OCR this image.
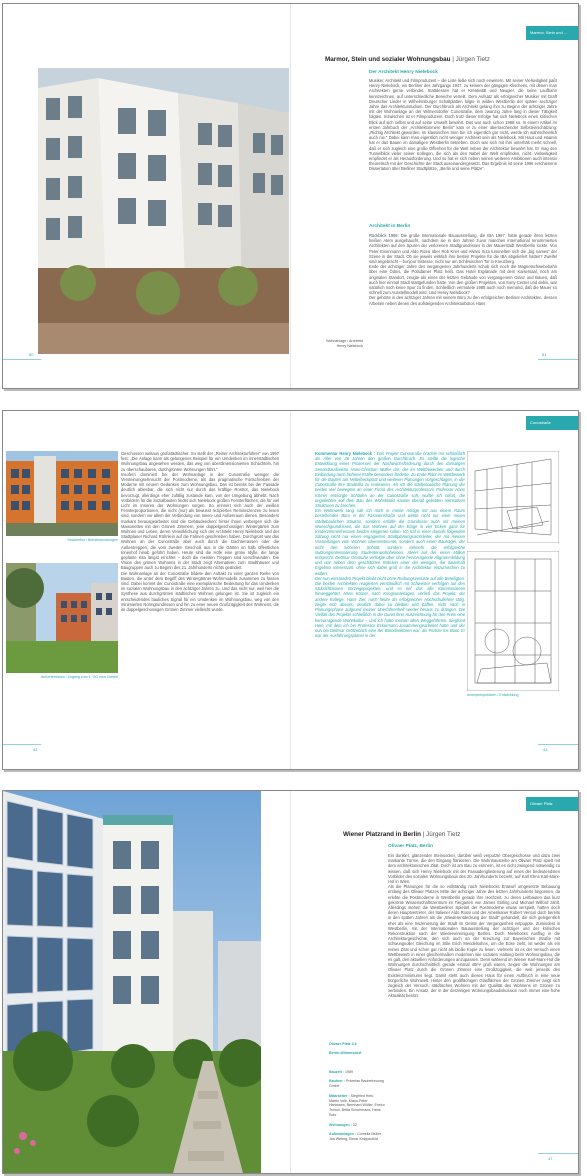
Marmor, Stein und ...
50	51
Wohnanlage / Architekt
Henry Nielebock
Marmor, Stein und sozialer Wohnungsbau | Jürgen Tietz
Der Architekt Henry Nielebock
Musiker, Architekt und Filmproduzent – die Liste ließe sich noch erweitern. Mit seiner Vielseitigkeit paßt Henry Nielebock, ein Berliner des Jahrgangs 1947, zu keinem der gängigen Klischees, mit denen man Architekten gerne verbindet. Stattdessen hat er Kreativität und Neugier, die seine Laufbahn kennzeichnen, auf unterschiedliche Bereiche verteilt. Dem Aufsatz als erfolgreicher Musiker mit Draft Deutscher Lieder in Wilhelmsburger Schallplatten folgte in wilden Westberlin der späten sechziger Jahre das Architekturstudium. Der Durchbruch als Architekt gelang ihm zu Beginn der achtziger Jahre mit der Wohnanlage an der Wilmersdorfer Cunostraße, dem zwanzig Jahre lang in dieser Tätigkeit folgten. Inzwischen ist er Filmproduzent. Doch trotz dieser Erfolge hat sich Nielebock einen kritischen Blick auf sich selbst und auf seine Umwelt bewahrt. Das war auch schon 1988 so. In einem Artikel im ersten Jahrbuch der „Architektonmere Berlin“ kam er zu einer überraschender Selbsteinschätzung: „Richtig Architekt geworden, im klassischen Sinn bin ich eigentlich gar nicht, werde ich wahrscheinlich auch nie.“ Dabei kann man eigentlich nicht weniger Architekt sein als Nielebock. Mit Haut und Haaren hat er das Bauen im damaligen Westberlin betrieben. Doch war sich mit ihm unterhält merkt schnell, daß er sich zugleich eine große Offenheit für die Welt neben der Architektur bewahrt hat. Er mag den Tunnelblick vieler seiner Kollegen, die sich als den Nabel der Welt empfinden, nicht. Vielseitigkeit empfindet er als Herausforderung. Und so hat er sich neben seinen weiteren Ambitionen auch intensiv theoretisch mit der Geschichte der Stadt auseinandergesetzt. Das Ergebnis ist seine 1996 erschienene Dissertation über Berliner Stadtplätze, „Berlin und seine Plätze“.
Architekt in Berlin
Rückblick 1986: Die große Internationale Bauausstellung, die IBA 1987, hatte gerade ihren letzten heißen Atem ausgehaucht, nachdem sie in den Jahren zuvor manchen international renommierten Architekten auf den Spuren der verlorenen Stadtgrundrisses in der Mauerstadt Westberlin lockte. Von Peter Eisenmann und Aldo Rossi über Rob Krier und Alvaro Siza tummelten sich die „big names“ der Szene in der Stadt. Ob sie jeweils wirklich ihre besten Projekte für die IBA abgeliefert hatten? Zweifel sind angebracht – bonjour tristesse, nicht nur am Schlesischen Tor in Kreuzberg.
Ende der achtziger Jahre des vergangenen Jahrhunderts schob sich noch die Magnetschwebebahn über eine Ödnis, die Potsdamer Platz heiß. Das Hotel Esplanade mit dem Kaisersaal, noch am originalen Standort, zeugte als eines der letzten Gebäude von vergangenem Glanz und Bauen, daß auch hier einmal Stadt stattgefunden hatte. Von den großen Projekten, von Sony-Center und debis, war natürlich noch keine Spur zu finden. Schließlich vermutete 1988 auch noch niemand, daß die Mauer so schnell zum Ausstellmodell wird. Und Henry Nielebock?
Der gehörte in den achtziger Jahren mit seinem Büro zu den erfolgreichen Berliner Architekten, dessen Arbeiten neben denen des aufsteigenden Architekturbüros Hans
Cunostraße
42	43
Straßenflur / Betriebsrichtungen
Außenfreiraum / Zugang zum 1. OG zum Garten
Geschossen weitaus großstädtischer. So stellt der „Reiner Architekturführer“ von 1997 fest: „Die Anlage kann als gelungenes Beispiel für ein Umdenken im innerstädtischen Wohnungsbau angesehen werden, das weg von überdimensionierten Schachteln, hin zu überschaubaren, durchgrünten Wohnungen führt.“
Insofern dominiert bei der Wohnanlage in der Cunostraße weniger die Versteinungsehnsucht der Postmoderne, als das pragmatische Fortschreiben der Moderne mit neuem Gedanken zum Wohnungsbau. Das ist bereits bei der Fassade deutlich ablesbar, die sich nicht nur durch das kräftige Rostrot, das Nielebock bevorzugt, allerdings eher zufällig zustande kam, von der Umgebung abhebt. Nach Vorbildern für die Sozialbauten findet sich Nielebock großen Fensterflächen, die für viel Licht im Inneren der Wohnungen sorgen. So erinnert sich auch der weißen Fensterproportionen, die nicht (nur) als bewusst rezipiertes Reminiszenzen zu lesen sind, sondern vor allem der Verbindung von Innen- und Außenraum dienen. Besonders markant herausgearbeitet sind die Gebäudeecken: hinter ihnen verbergen sich die Maisonettes mit den Grünen Zimmern, jene doppelgeschossigen Wintergärten zum Wohnen und Leben, deren Verwirklichung sich der Architekt Henry Nielebock und der Stadtplaner Richard Rühnlein auf die Fahnen geschrieben haben. Durchgrünt war das Wohnen an der Cunostraße aber auch durch die Dachterrassen oder die Außentreppen, die vom zweiten Geschoß aus in die Gärten im halb öffentlichen Innenhof hinab geführt haben. Heute sind die Höfe eine grüne Idylle, die lange geplante Kita längst errichtet – doch die meisten Treppen sind verschwunden. Die Vision des grünen Wohnens in der Stadt zeigt Alternativen zum Stadthäuser und Baugruppen auch zu Beginn des 21. Jahrhunderts nichts geändert.
Die Wohnanlage an der Cunostraße bildete den Auftakt zu einer ganzen Reihe von Bauten, die unter dem Begriff des Wintergärtner-Wohnmodells zusammen zu fassen sind. Dabei kommt der Cunostraße eine exemplarische Bedeutung für das Umdenken im sozialen Wohnungsbau in den achtziger Jahren zu. Und das nicht nur, weil hier die Synthese aus durchgrünten städtischen Wohnen gelungen ist. Sie ist zugleich ein entscheidendes bauliches Signal für ein Umdenken im Wohnungsbau, weg von den minimierten Normgrundrissen und hin zu einer neuen Großzügigkeit des Wohnens, die im doppelgeschossigen Grünen Zimmer vielleicht wurde.
Kommentar Henry Nielebock : Das Projekt Cunostraße brachte mir schließlich als Aller von 36 Jahren den großen Durchbruch. Es stellte die logische Entwicklung eines Prozesses der Nachwuchsförderung durch den damaligen Senatsbaudirektor Hans-Christian Müller dar, der im Wettbewerben und durch Einbindung noch früherer Kräfte besonders förderte. Zu Ende Platz im Wettbewerb für die Bauten am Nettelbeckplatz und weiteren Planungen vorgeschlagen, in der Cunostraße ihre Stadtvilla zu realisieren. Als ich die städtebauliche Planung der beiden viel bewegten an einer Firma des Architekturprofessors Professor Hans Körner entsorgte Schäden an der Cunostraße sah, wußte ich sofort, die ungeliebten soll dem Bau des Wohnklinks kannte überall geliebten rekreativen Strukturen zu brechen.
Ein Wohnwerk lang sah ich mich in meine Anlage mit aus einem Raum bestehendes Büro in der Fasanenstraße und wirkte nicht nur einer neuen städtebaulichen Struktur, sondern erfüllte die Grundrisse auch mit meinen Wunschgrundrissen, die das Wohnen auf der Etage in vier Ecken ganz für Kinderzimmerfreiraum beiden steigerten sollen. Ich traf in einer damals folgenden Sitzung nicht nur einen engagierten Stadtplanungsamtsleiter, der mit meinen Vorstellungen vom Wohnen übereinstimmte, sondern auch einen Bauträger, der nicht den sicheren Schnitt, sondern vielmehr die erfolgreiche Nutzungsintensivierung Studentenwohnheimen, Ideen auf der einen Million entspricht. Dettmar Otomuhe verfolgte über ohne hervorragende Altgrammbildung und war neben dem geschätzten Rührlein einer der wenigen, die dauerhaft Ergebnis interessant, ohne sich dabei groß in die Architektur einzumischen zu wollen.
Der nun entstanden Projekt bleibt nicht ohne Reibungsverluste auf alle Beteiligten. Die beiden Architekten reagierten verständlich mit Schwester verfolgen auf den rücksichtslosen Vorzeigeprojekten, und so lief das alle Kommissionen hinweggehört. Hans Körner, nach Kriegsunterlagen, verließ das Projekt, der andere Kollege, Hans Ziel, nach heute als erfolgreicher Hochschullehrer tätig, zeigte sich abseits, deutlich dabei zu bleiben und baffen, nicht nach in Planungsphase aufgrund meiner Unerfahrenheit wieder heraus zu drängen. Die Vielfalt des Projekts schließlich in die Gunst ihrer Auszeichnung für den Preis eine hervorragende Wohnkultur – und ich hatte meinen alten Weggefährten, Siegfried Hein, mit dem ich bei Professor Eckermann zusammengearbeitet hatte und der nun bei Dettmar Grötzebach eine der Bürodirektoren war, als Partner ins Boot. Er war der Ausführungsplaner in der
Innenperspektiven / Entwicklung
Olivaer Platz
47
Wiener Platzrand in Berlin | Jürgen Tietz
Olivaer Platz, Berlin
Ein dunkler, glänzender Steinsockel, darüber weiß verputzte Obergeschosse und dazu zwei markante Türme, die den Eingang flankieren. Die Wohnhausreihe am Olivaer Platz spielt mit dem architektonischen Zitat. Doch ist am Bau zu erinnern, ist es nicht zwingend notwendig zu wissen, daß sich Henry Nielebock mit der Fassadengliederung auf eines der bedeutendsten Vorbilder des sozialen Wohnungsbaus des 20. Jahrhunderts bezieht, auf Karl Ehns Karl-Marx-Hof in Wien.
Als die Planungen für die so vollständig nach Nielebocks Entwurf umgesetzte Bebauung entlang des Olivaer Platzes Mitte der achtziger Jahre des letzten Jahrhunderts begonnen, da erlebte die Postmoderne in Westberlin gerade ihre Hochzeit, zu deren Leitbauten das kurz gekrönte Wissenschaftszentrum im Tiergarten von James Stirling und Michael Wilford zählt. Allerdings stehen die Westberliner Spielart der Postmoderne etwas verspielt, hatten doch deren Hauptvertreter, der Italiener Aldo Rossi und der Amerikaner Robert Venturi doch bereits in den späten Jahren als die „Wiederentdeckung der Stadt“ gehandelt, die sich gelegentlich eher als eine Inszenierung der Stadt im Geiste der Vergangenheit entpuppte. Zumindest in Westberlin, mit der Internationalen Bauausstellung der achtziger und der kritischen Rekonstruktion nach der Wiedervereinigung Berlins. Doch Nielebocks Ausflug in die Architekturgeschichte, den sich auch an der Kreuzung zur Bayerischen Straße mit schwungvoller Gleichung im Stile Erich Mendelsohns, um die Ecke zieht, ist weder als ein reines Zitat und schon gar nicht als bloße Kopie zu lesen. Vielmehr ist es der Versuch einen Wettbewerb in einer gleichermaßen modernen wie sozialen Haltung beim Wohnungsbau, die es galt, den aktuellen Anforderungen anzupassen. Denn während im Wiener Karl-Marx-Hof die Wohnungen durchschnittlich gerade einmal 40m² groß waren, zeigen die Wohnungen am Olivaer Platz durch die Grünen Zimmer eine Großzügigkeit, die weit jenseits des Existenzminimums liegt. Damit steht auch dieses Haus für einen Aufbruch in eine neue bürgerliche Wohnwelt. Hinter den großflächigen Glasflächen der Grünen Zimmer zeigt sich zugleich der Versuch, städtisches Wohnen mit der Qualität des Wohnens im Grünen zu verbinden. Ein Ansatz, der in der derzeitigen Wohnungsbaudiskussion noch immer eine hohe Aktualität besitzt.

Olivaer Platz 3-6

Berlin-Wilmersdorf

Bauzeit : 1989

Bauherr : Priverlau Baubetreuung GmbH

Mitarbeiter : Siegfried Hein, Martin Volk, Klaus-Peter Hartmann, Bernhard Wöller, Enrico Trovoli, Britta Schuhmann, Hans Sohr

Wohnungen : 32

Außenanlagen : Cornelia Müller, Jan Wehrig, Elmar Knippschild
